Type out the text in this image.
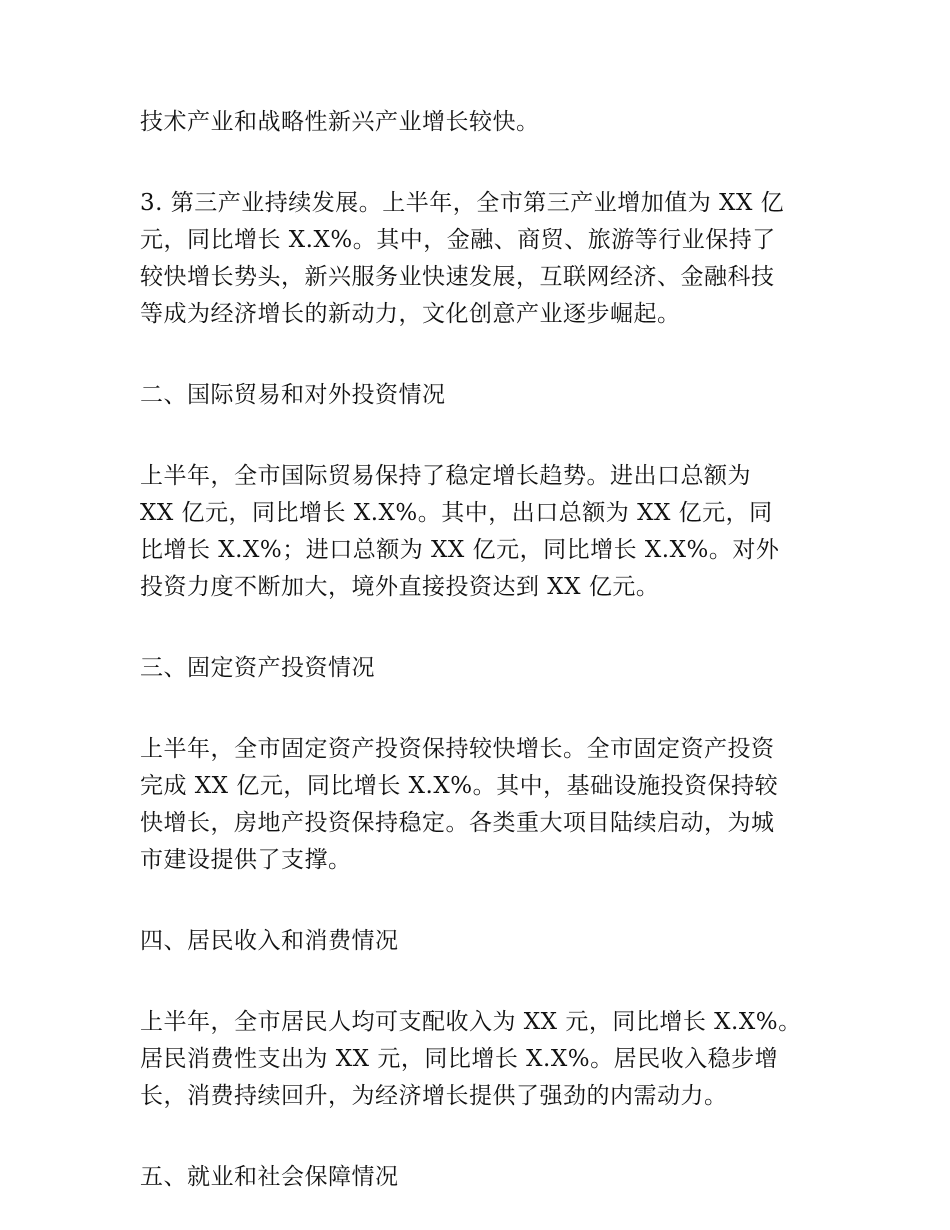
技术产业和战略性新兴产业增长较快。
3. 第三产业持续发展。上半年，全市第三产业增加值为 XX 亿
元，同比增长 X.X%。其中，金融、商贸、旅游等行业保持了
较快增长势头，新兴服务业快速发展，互联网经济、金融科技
等成为经济增长的新动力，文化创意产业逐步崛起。
二、国际贸易和对外投资情况
上半年，全市国际贸易保持了稳定增长趋势。进出口总额为
XX 亿元，同比增长 X.X%。其中，出口总额为 XX 亿元，同
比增长 X.X%；进口总额为 XX 亿元，同比增长 X.X%。对外
投资力度不断加大，境外直接投资达到 XX 亿元。
三、固定资产投资情况
上半年，全市固定资产投资保持较快增长。全市固定资产投资
完成 XX 亿元，同比增长 X.X%。其中，基础设施投资保持较
快增长，房地产投资保持稳定。各类重大项目陆续启动，为城
市建设提供了支撑。
四、居民收入和消费情况
上半年，全市居民人均可支配收入为 XX 元，同比增长 X.X%。
居民消费性支出为 XX 元，同比增长 X.X%。居民收入稳步增
长，消费持续回升，为经济增长提供了强劲的内需动力。
五、就业和社会保障情况
